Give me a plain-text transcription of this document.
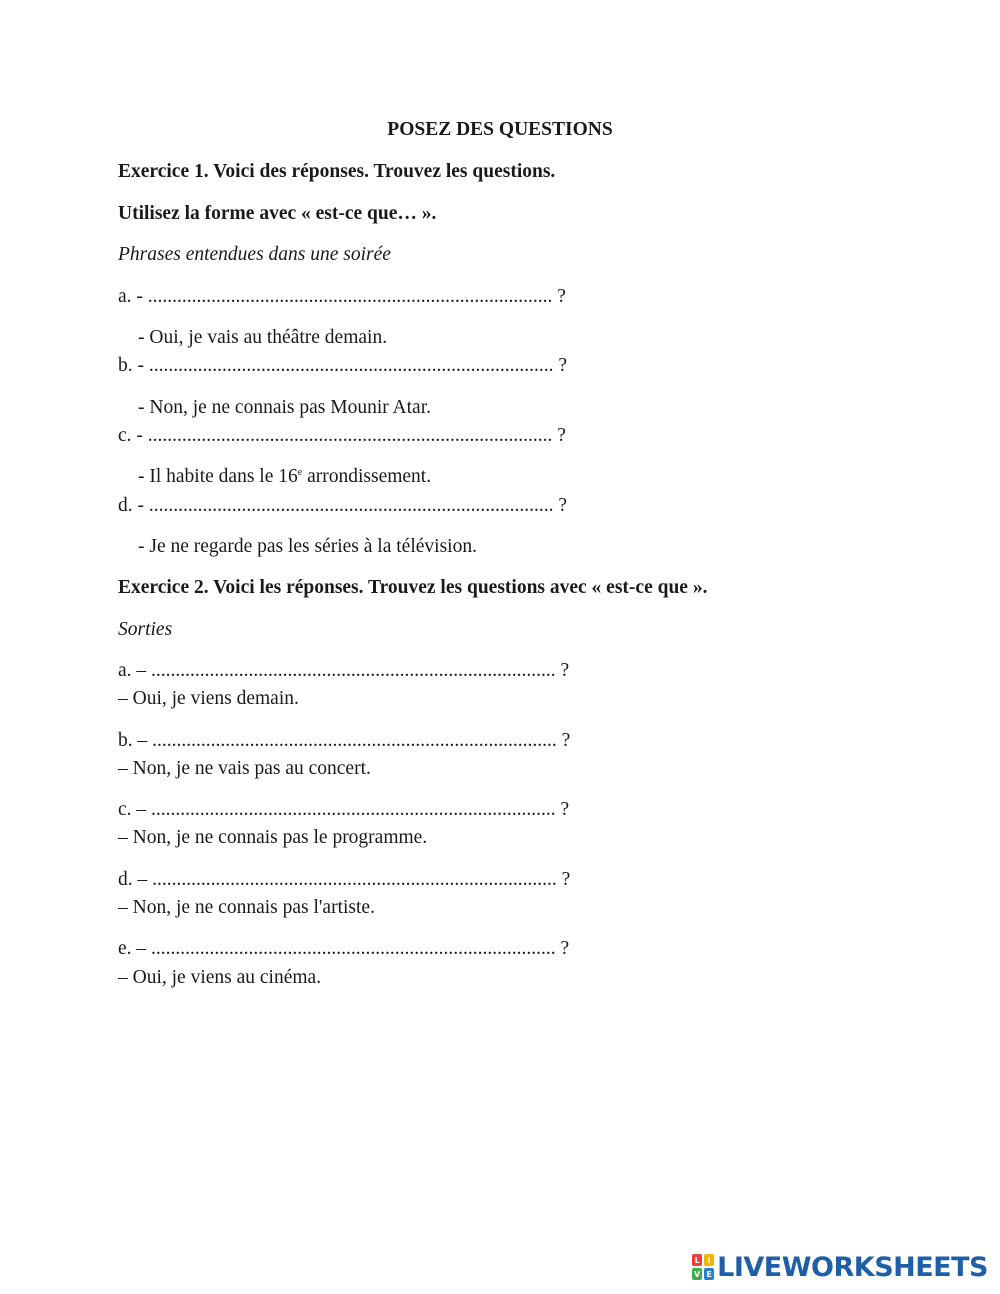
POSEZ DES QUESTIONS
Exercice 1. Voici des réponses. Trouvez les questions.
Utilisez la forme avec « est-ce que… ».
Phrases entendues dans une soirée
a. - ................................................................................... ?
- Oui, je vais au théâtre demain.
b. - ................................................................................... ?
- Non, je ne connais pas Mounir Atar.
c. - ................................................................................... ?
- Il habite dans le 16e arrondissement.
d. - ................................................................................... ?
- Je ne regarde pas les séries à la télévision.
Exercice 2. Voici les réponses. Trouvez les questions avec « est-ce que ».
Sorties
a. – ................................................................................... ?
– Oui, je viens demain.
b. – ................................................................................... ?
– Non, je ne vais pas au concert.
c. – ................................................................................... ?
– Non, je ne connais pas le programme.
d. – ................................................................................... ?
– Non, je ne connais pas l'artiste.
e. – ................................................................................... ?
– Oui, je viens au cinéma.
L I
V E LIVEWORKSHEETS
